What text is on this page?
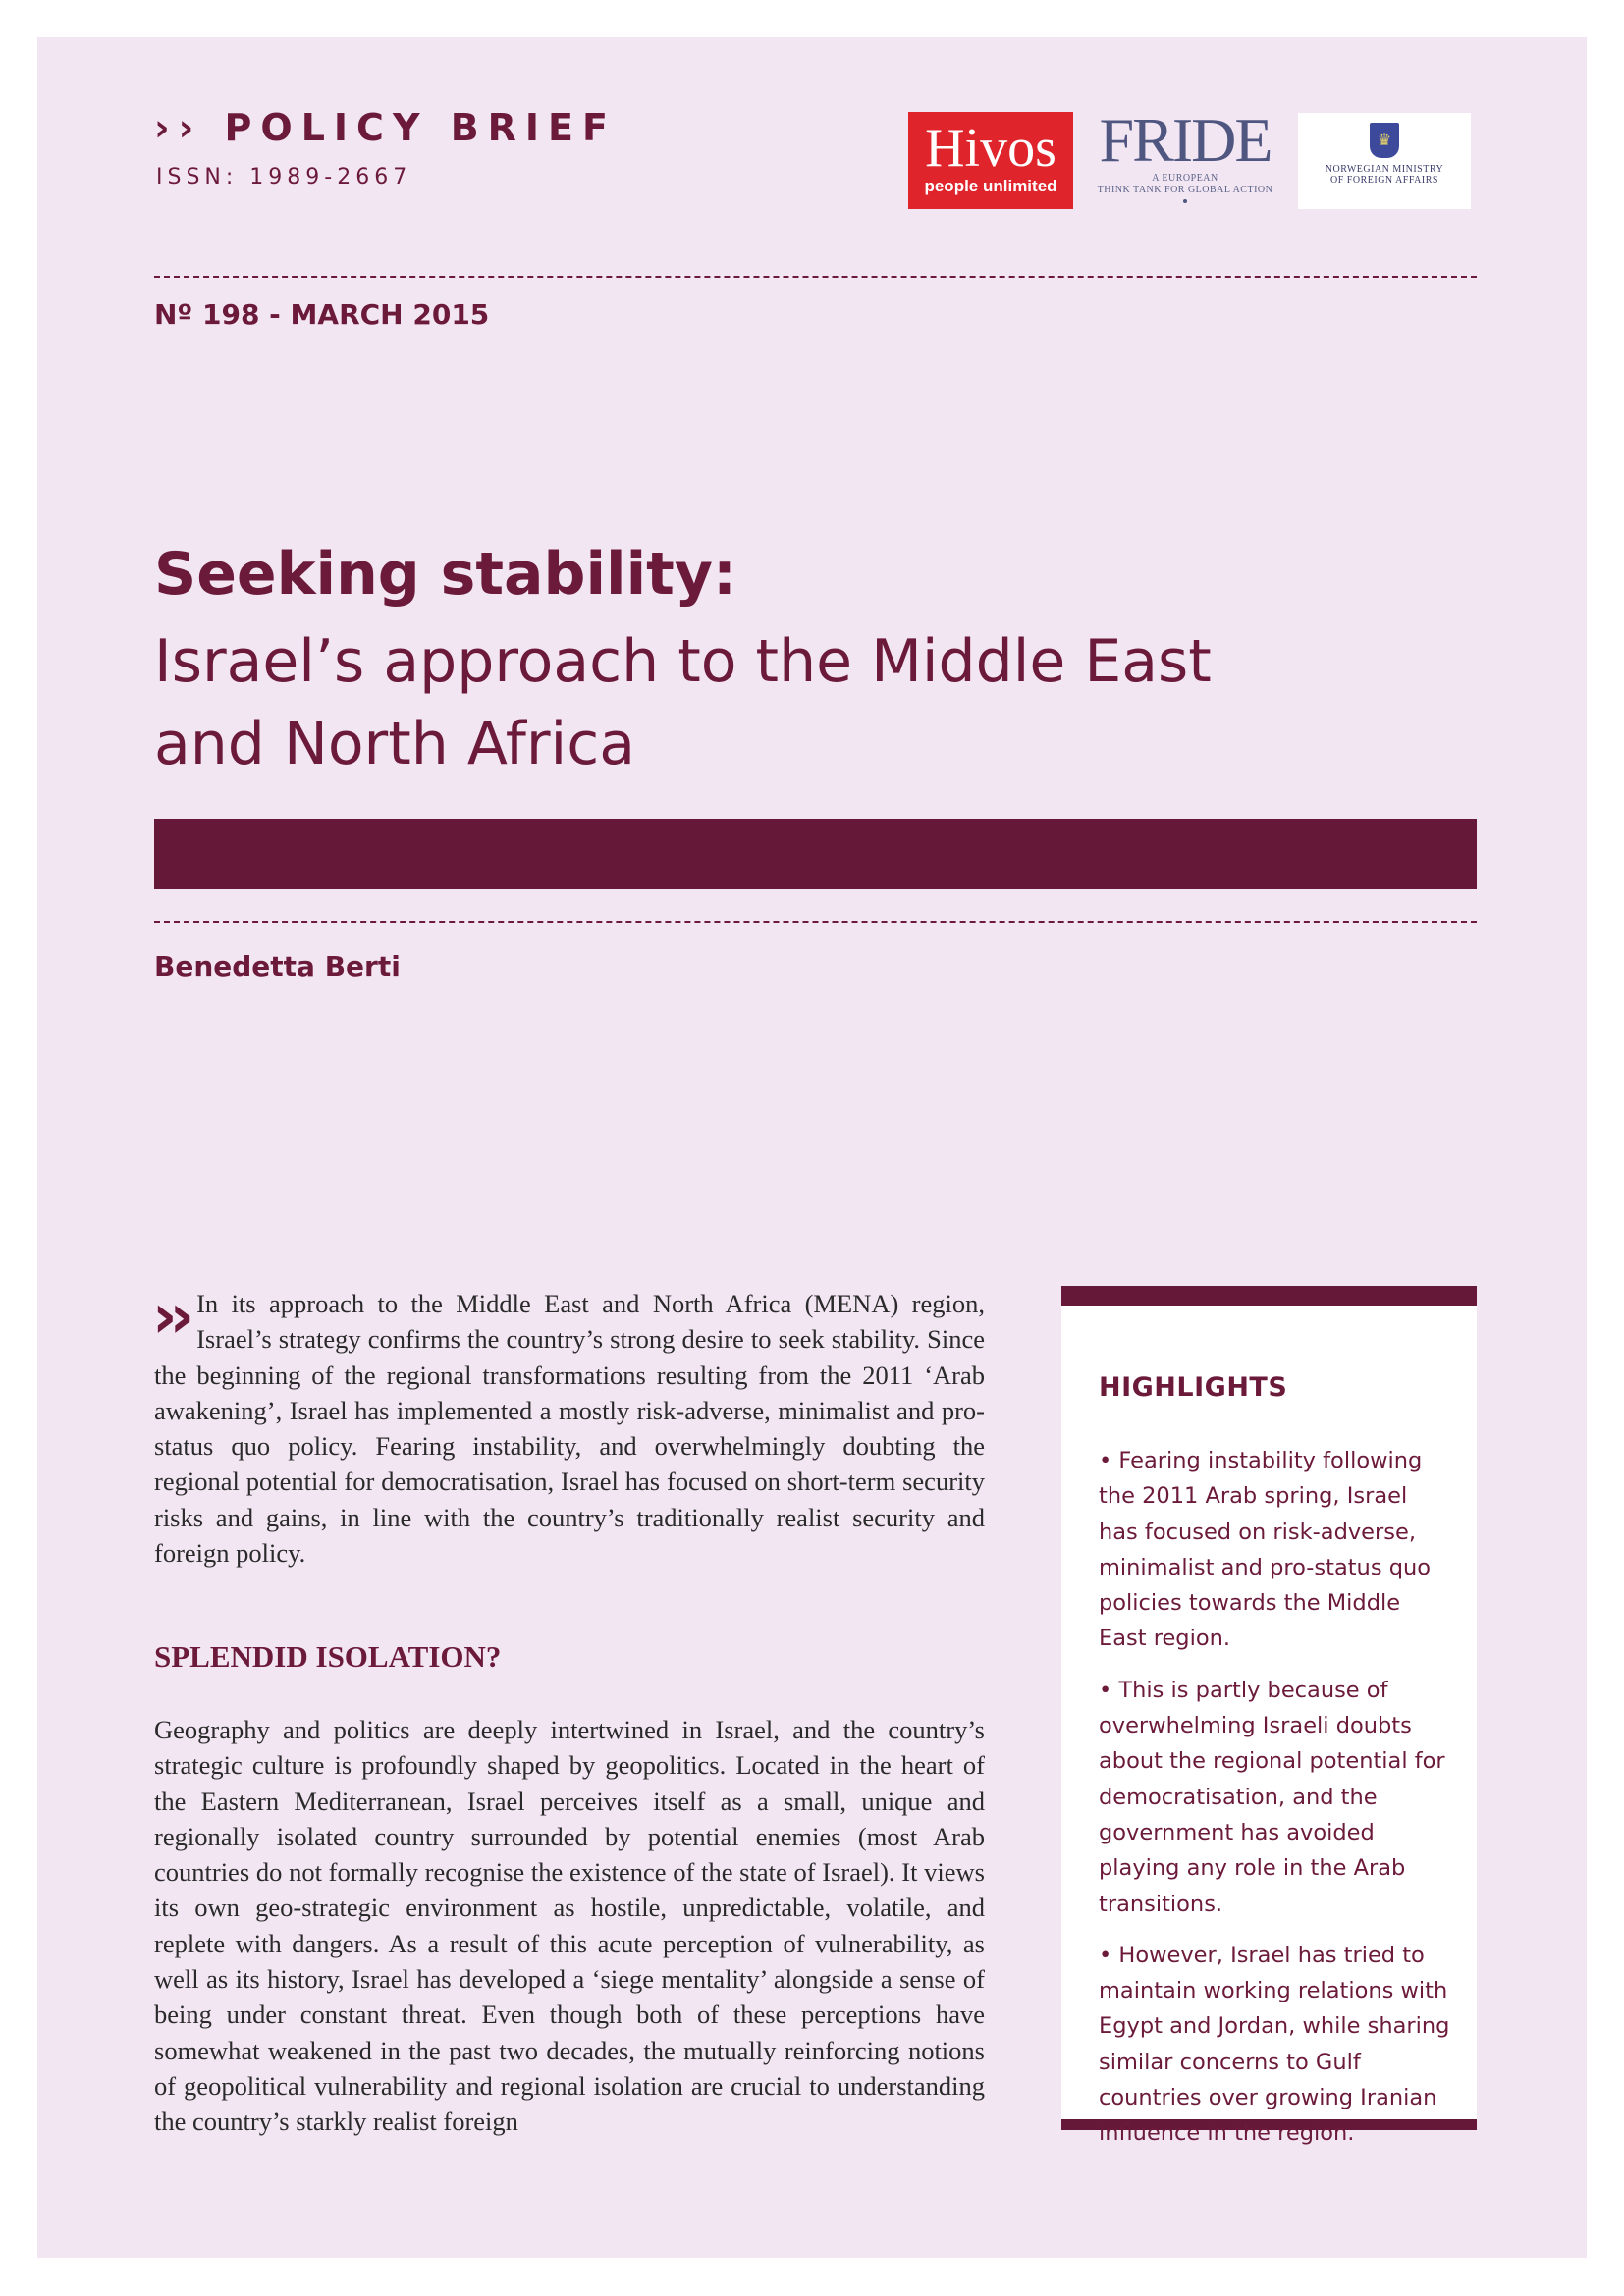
›› POLICY BRIEF
ISSN: 1989-2667	Hivos
people unlimited
FRIDE
A EUROPEAN
THINK TANK FOR GLOBAL ACTION
♛
NORWEGIAN MINISTRY
OF FOREIGN AFFAIRS
Nº 198 - MARCH 2015
Seeking stability:
Israel’s approach to the Middle East and North Africa
Benedetta Berti
›› In its approach to the Middle East and North Africa (MENA) region, Israel’s strategy confirms the country’s strong desire to seek stability. Since the beginning of the regional transformations resulting from the 2011 ‘Arab awakening’, Israel has implemented a mostly risk-adverse, minimalist and pro-status quo policy. Fearing instability, and overwhelmingly doubting the regional potential for democratisation, Israel has focused on short-term security risks and gains, in line with the country’s traditionally realist security and foreign policy.
SPLENDID ISOLATION?
Geography and politics are deeply intertwined in Israel, and the country’s strategic culture is profoundly shaped by geopolitics. Located in the heart of the Eastern Mediterranean, Israel perceives itself as a small, unique and regionally isolated country surrounded by potential enemies (most Arab countries do not formally recognise the existence of the state of Israel). It views its own geo-strategic environment as hostile, unpredictable, volatile, and replete with dangers. As a result of this acute perception of vulnerability, as well as its history, Israel has developed a ‘siege mentality’ alongside a sense of being under constant threat. Even though both of these perceptions have somewhat weakened in the past two decades, the mutually reinforcing notions of geopolitical vulnerability and regional isolation are crucial to understanding the country’s starkly realist foreign
HIGHLIGHTS
• Fearing instability following the 2011 Arab spring, Israel has focused on risk-adverse, minimalist and pro-status quo policies towards the Middle East region.
• This is partly because of overwhelming Israeli doubts about the regional potential for democratisation, and the government has avoided playing any role in the Arab transitions.
• However, Israel has tried to maintain working relations with Egypt and Jordan, while sharing similar concerns to Gulf countries over growing Iranian influence in the region.
